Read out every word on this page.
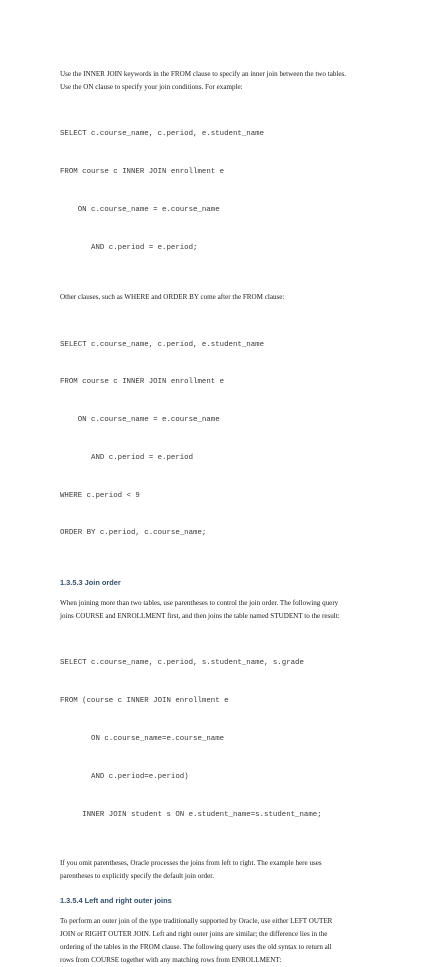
Use the INNER JOIN keywords in the FROM clause to specify an inner join between the two tables.
Use the ON clause to specify your join conditions. For example:

SELECT c.course_name, c.period, e.student_name

FROM course c INNER JOIN enrollment e

ON c.course_name = e.course_name

AND c.period = e.period;

Other clauses, such as WHERE and ORDER BY come after the FROM clause:

SELECT c.course_name, c.period, e.student_name

FROM course c INNER JOIN enrollment e

ON c.course_name = e.course_name

AND c.period = e.period

WHERE c.period < 9

ORDER BY c.period, c.course_name;

1.3.5.3 Join order
When joining more than two tables, use parentheses to control the join order. The following query
joins COURSE and ENROLLMENT first, and then joins the table named STUDENT to the result:

SELECT c.course_name, c.period, s.student_name, s.grade

FROM (course c INNER JOIN enrollment e

ON c.course_name=e.course_name

AND c.period=e.period)

INNER JOIN student s ON e.student_name=s.student_name;

If you omit parentheses, Oracle processes the joins from left to right. The example here uses
parentheses to explicitly specify the default join order.
1.3.5.4 Left and right outer joins
To perform an outer join of the type traditionally supported by Oracle, use either LEFT OUTER
JOIN or RIGHT OUTER JOIN. Left and right outer joins are similar; the difference lies in the
ordering of the tables in the FROM clause. The following query uses the old syntax to return all
rows from COURSE together with any matching rows from ENROLLMENT:
